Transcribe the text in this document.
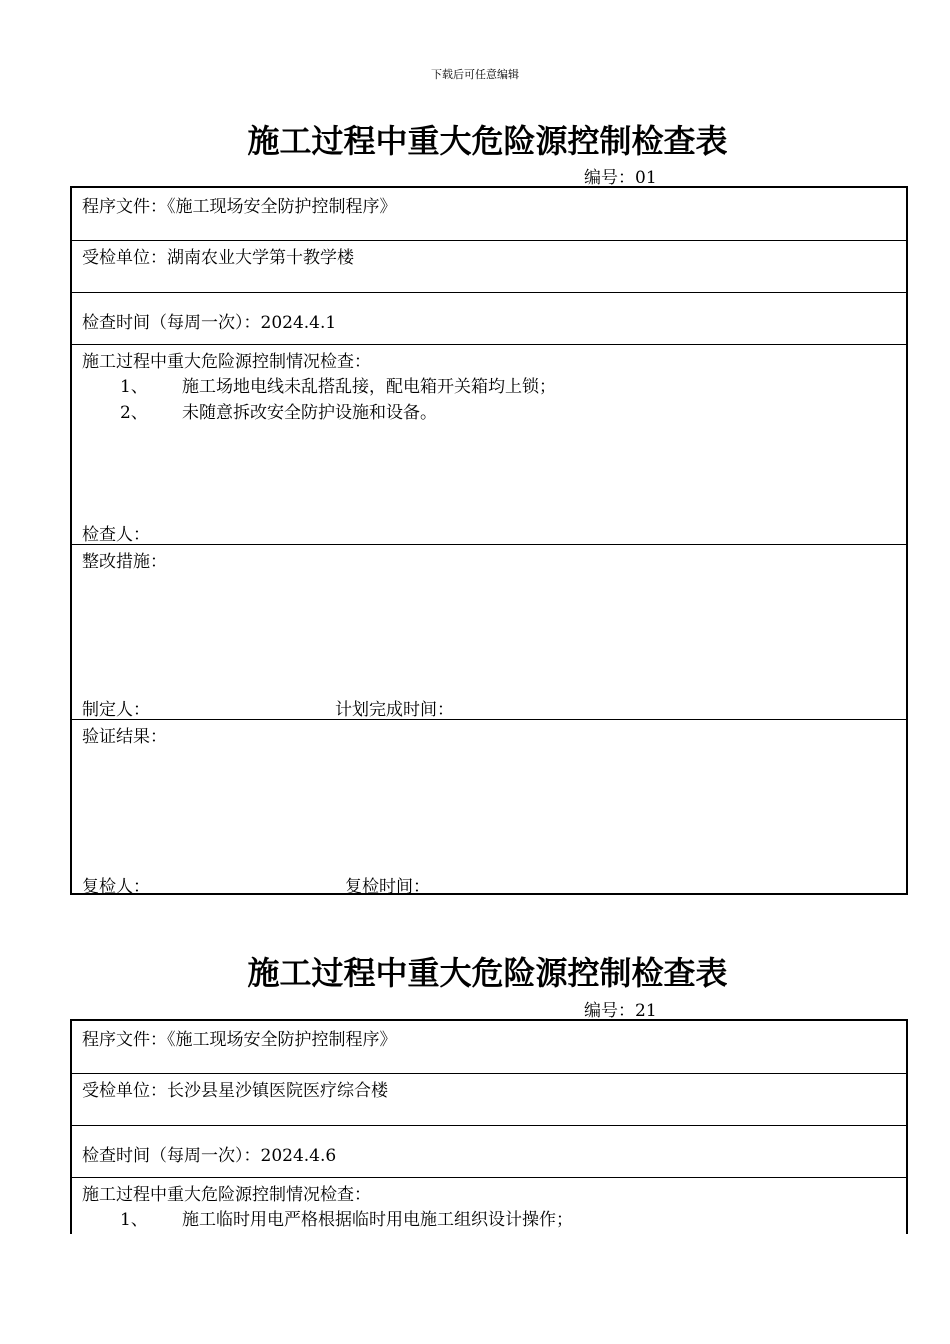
下载后可任意编辑
施工过程中重大危险源控制检查表
编号：01
程序文件：《施工现场安全防护控制程序》
受检单位：湖南农业大学第十教学楼
检查时间（每周一次）：2024.4.1
施工过程中重大危险源控制情况检查：
1、 施工场地电线未乱搭乱接，配电箱开关箱均上锁；
2、 未随意拆改安全防护设施和设备。
检查人：
整改措施：
制定人：	计划完成时间：
验证结果：
复检人：	复检时间：
施工过程中重大危险源控制检查表
编号：21
程序文件：《施工现场安全防护控制程序》
受检单位：长沙县星沙镇医院医疗综合楼
检查时间（每周一次）：2024.4.6
施工过程中重大危险源控制情况检查：
1、 施工临时用电严格根据临时用电施工组织设计操作；
